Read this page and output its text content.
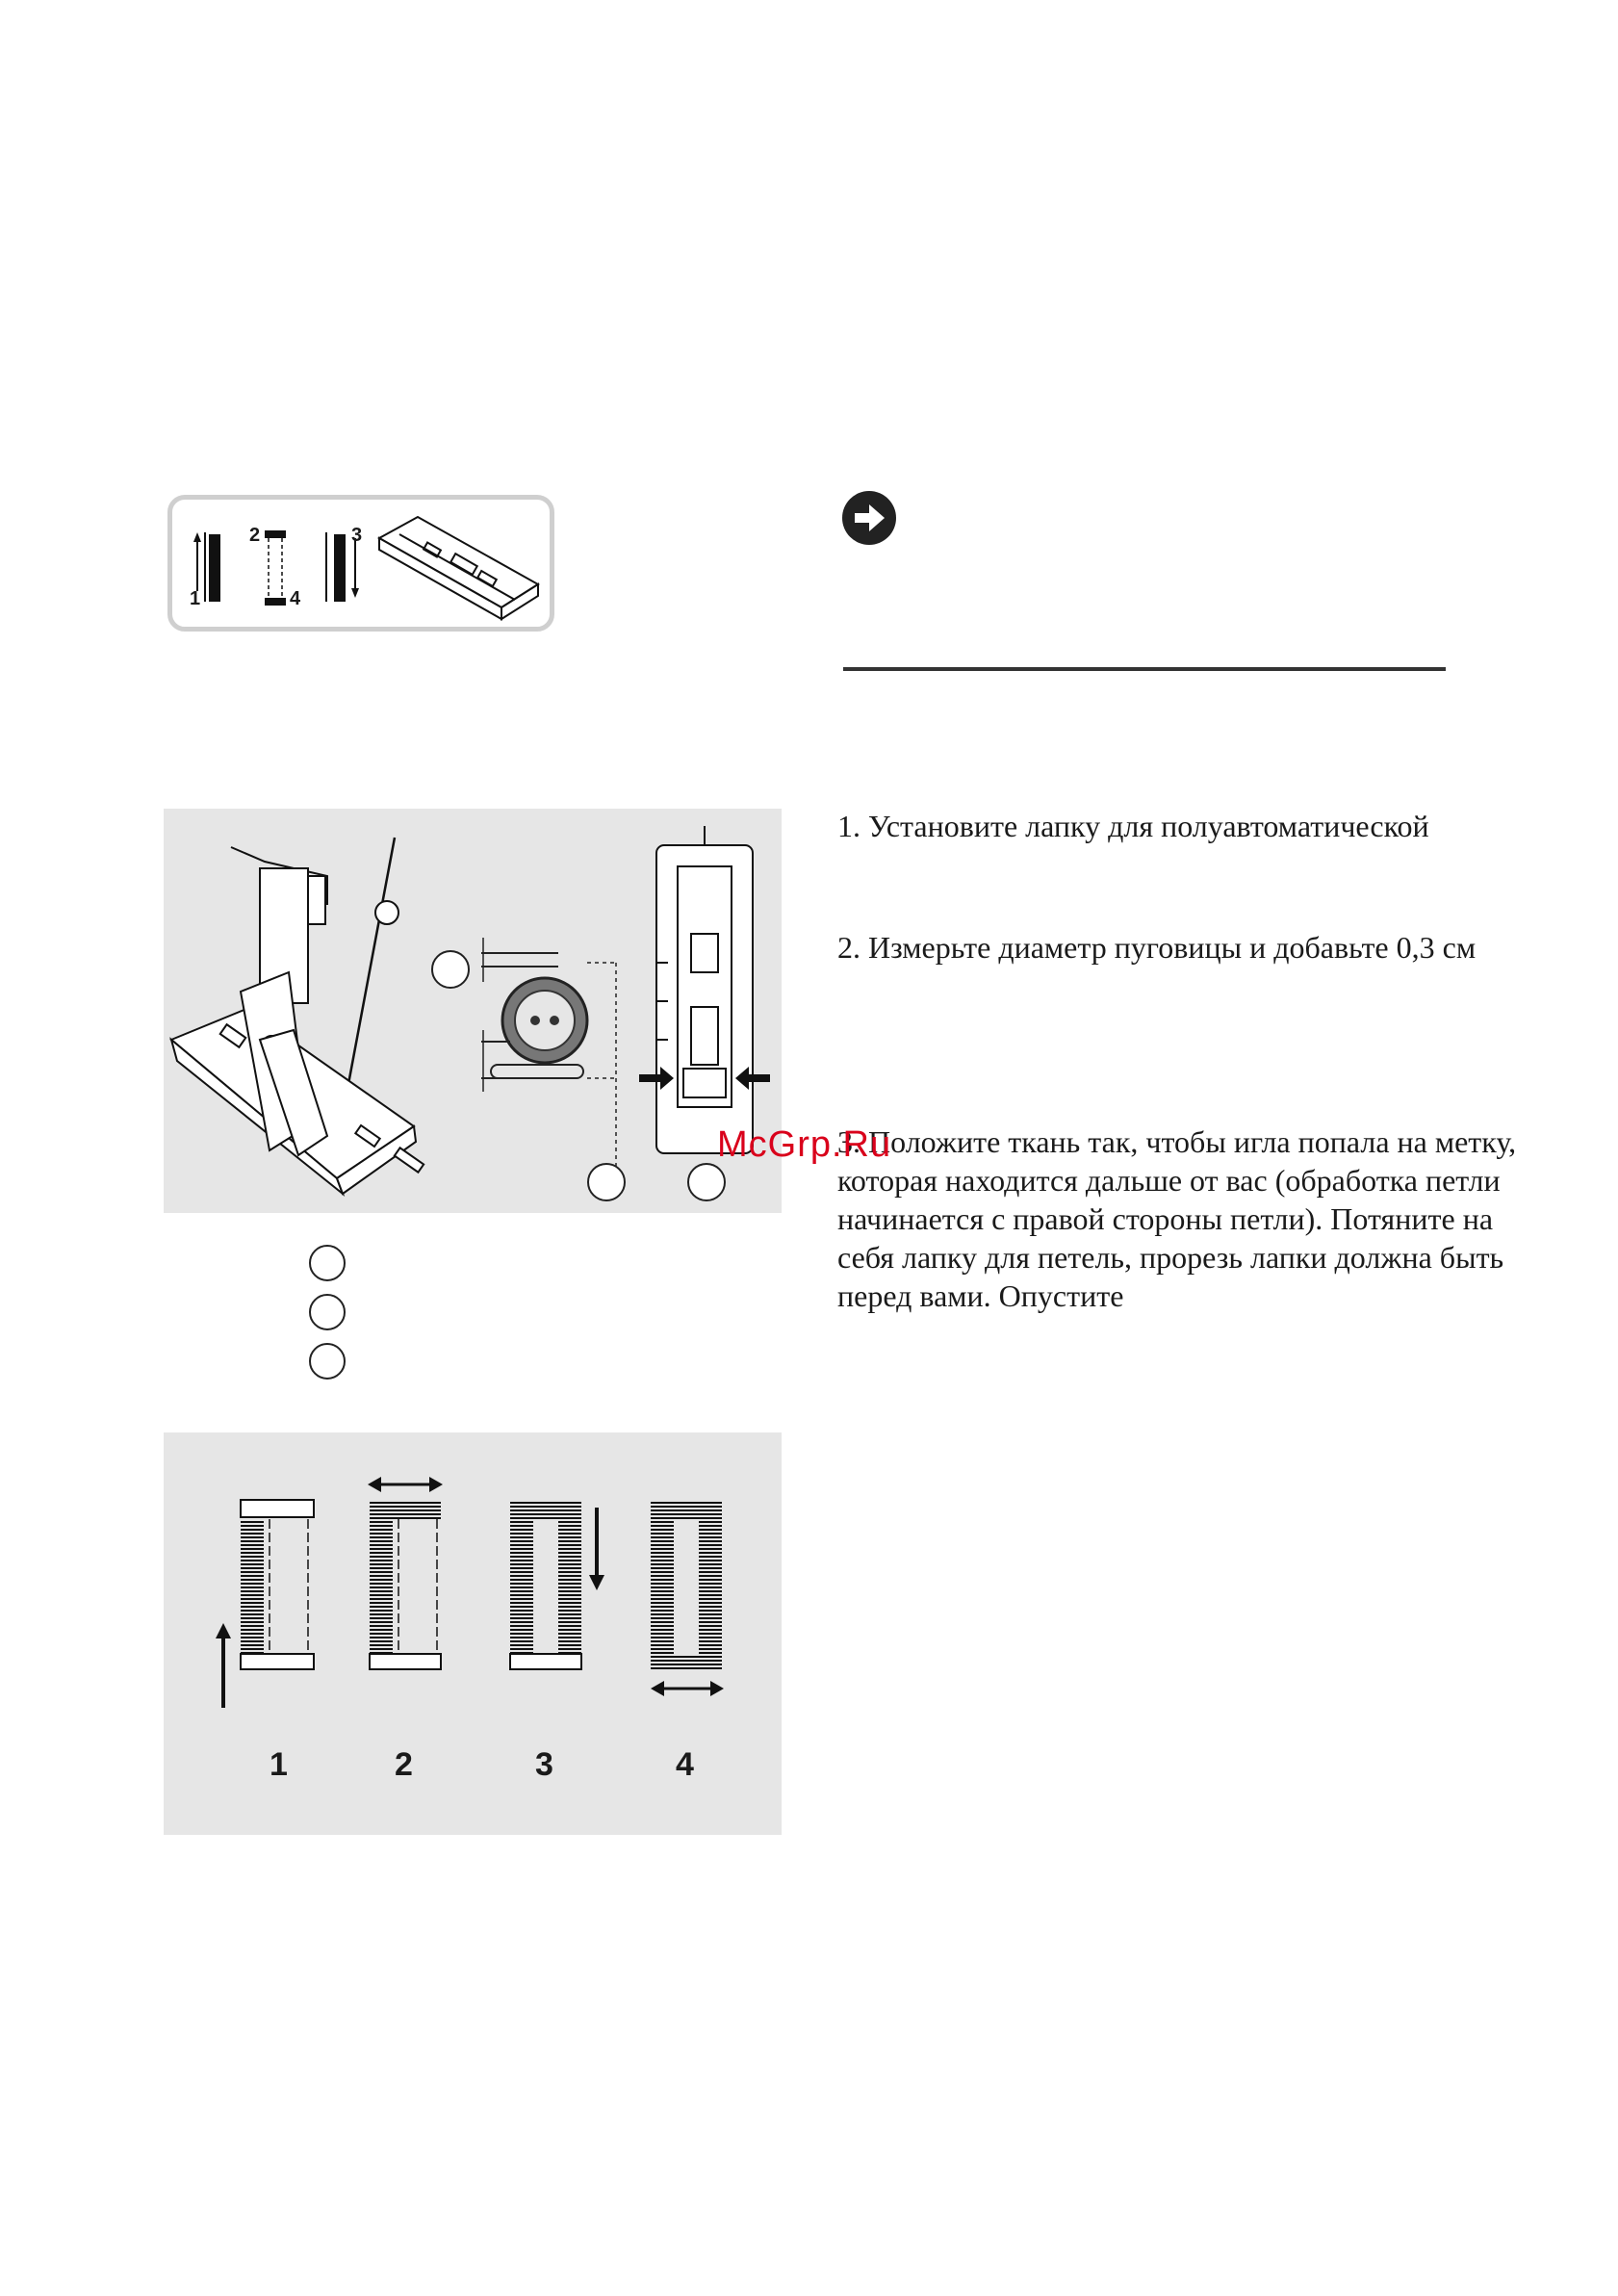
1
2
4
3
1	2	3	4
1. Установите лапку для полуавтоматической
2. Измерьте диаметр пуговицы и добавьте 0,3 см
3. Положите ткань так, чтобы игла попала на метку, которая находится дальше от вас (обработка петли начинается с правой стороны петли). Потяните на себя лапку для петель, прорезь лапки должна быть перед вами. Опустите
McGrp.Ru
